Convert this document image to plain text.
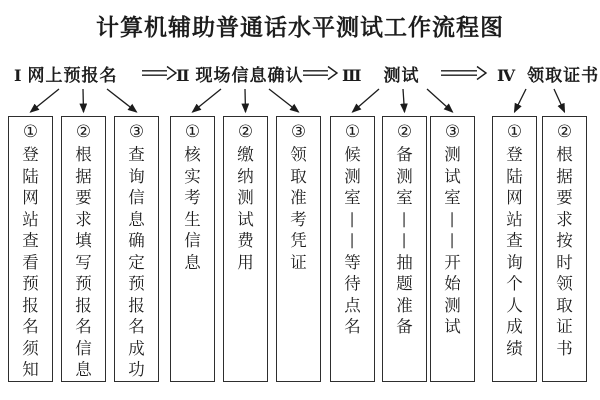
计算机辅助普通话水平测试工作流程图
Ⅰ 网上预报名	Ⅱ 现场信息确认 Ⅲ 测试	Ⅳ 领取证书
①
登
陆
网
站
查
看
预
报
名
须
知
②
根
据
要
求
填
写
预
报
名
信
息
③
查
询
信
息
确
定
预
报
名
成
功
①
核
实
考
生
信
息
②
缴
纳
测
试
费
用
③
领
取
准
考
凭
证
①
候
测
室
—
—
等
待
点
名
②
备
测
室
—
—
抽
题
准
备
③
测
试
室
—
—
开
始
测
试
①
登
陆
网
站
查
询
个
人
成
绩
②
根
据
要
求
按
时
领
取
证
书
